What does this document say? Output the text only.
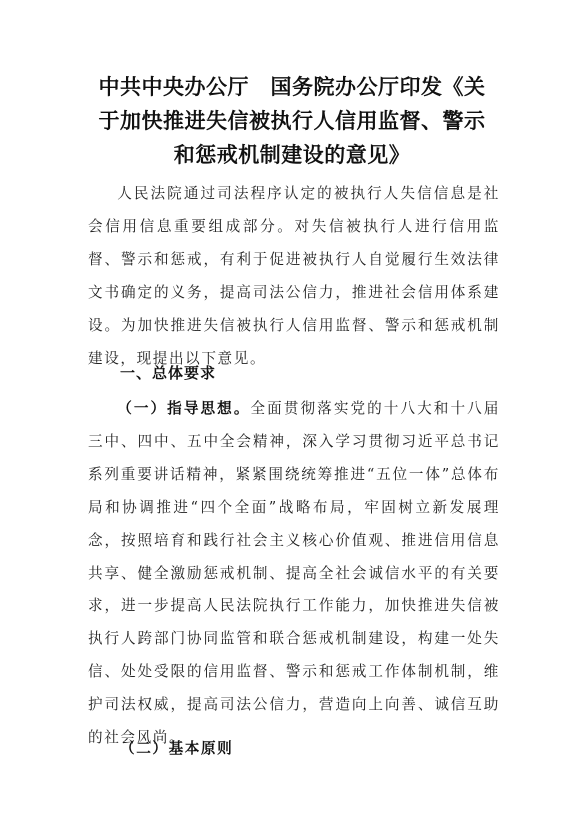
中共中央办公厅　国务院办公厅印发《关
于加快推进失信被执行人信用监督、警示
和惩戒机制建设的意见》

人民法院通过司法程序认定的被执行人失信信息是社会信用信息重要组成部分。对失信被执行人进行信用监督、警示和惩戒，有利于促进被执行人自觉履行生效法律文书确定的义务，提高司法公信力，推进社会信用体系建设。为加快推进失信被执行人信用监督、警示和惩戒机制建设，现提出以下意见。

一、总体要求

（一）指导思想。全面贯彻落实党的十八大和十八届三中、四中、五中全会精神，深入学习贯彻习近平总书记系列重要讲话精神，紧紧围绕统筹推进“五位一体”总体布局和协调推进“四个全面”战略布局，牢固树立新发展理念，按照培育和践行社会主义核心价值观、推进信用信息共享、健全激励惩戒机制、提高全社会诚信水平的有关要求，进一步提高人民法院执行工作能力，加快推进失信被执行人跨部门协同监管和联合惩戒机制建设，构建一处失信、处处受限的信用监督、警示和惩戒工作体制机制，维护司法权威，提高司法公信力，营造向上向善、诚信互助的社会风尚。

（二）基本原则
